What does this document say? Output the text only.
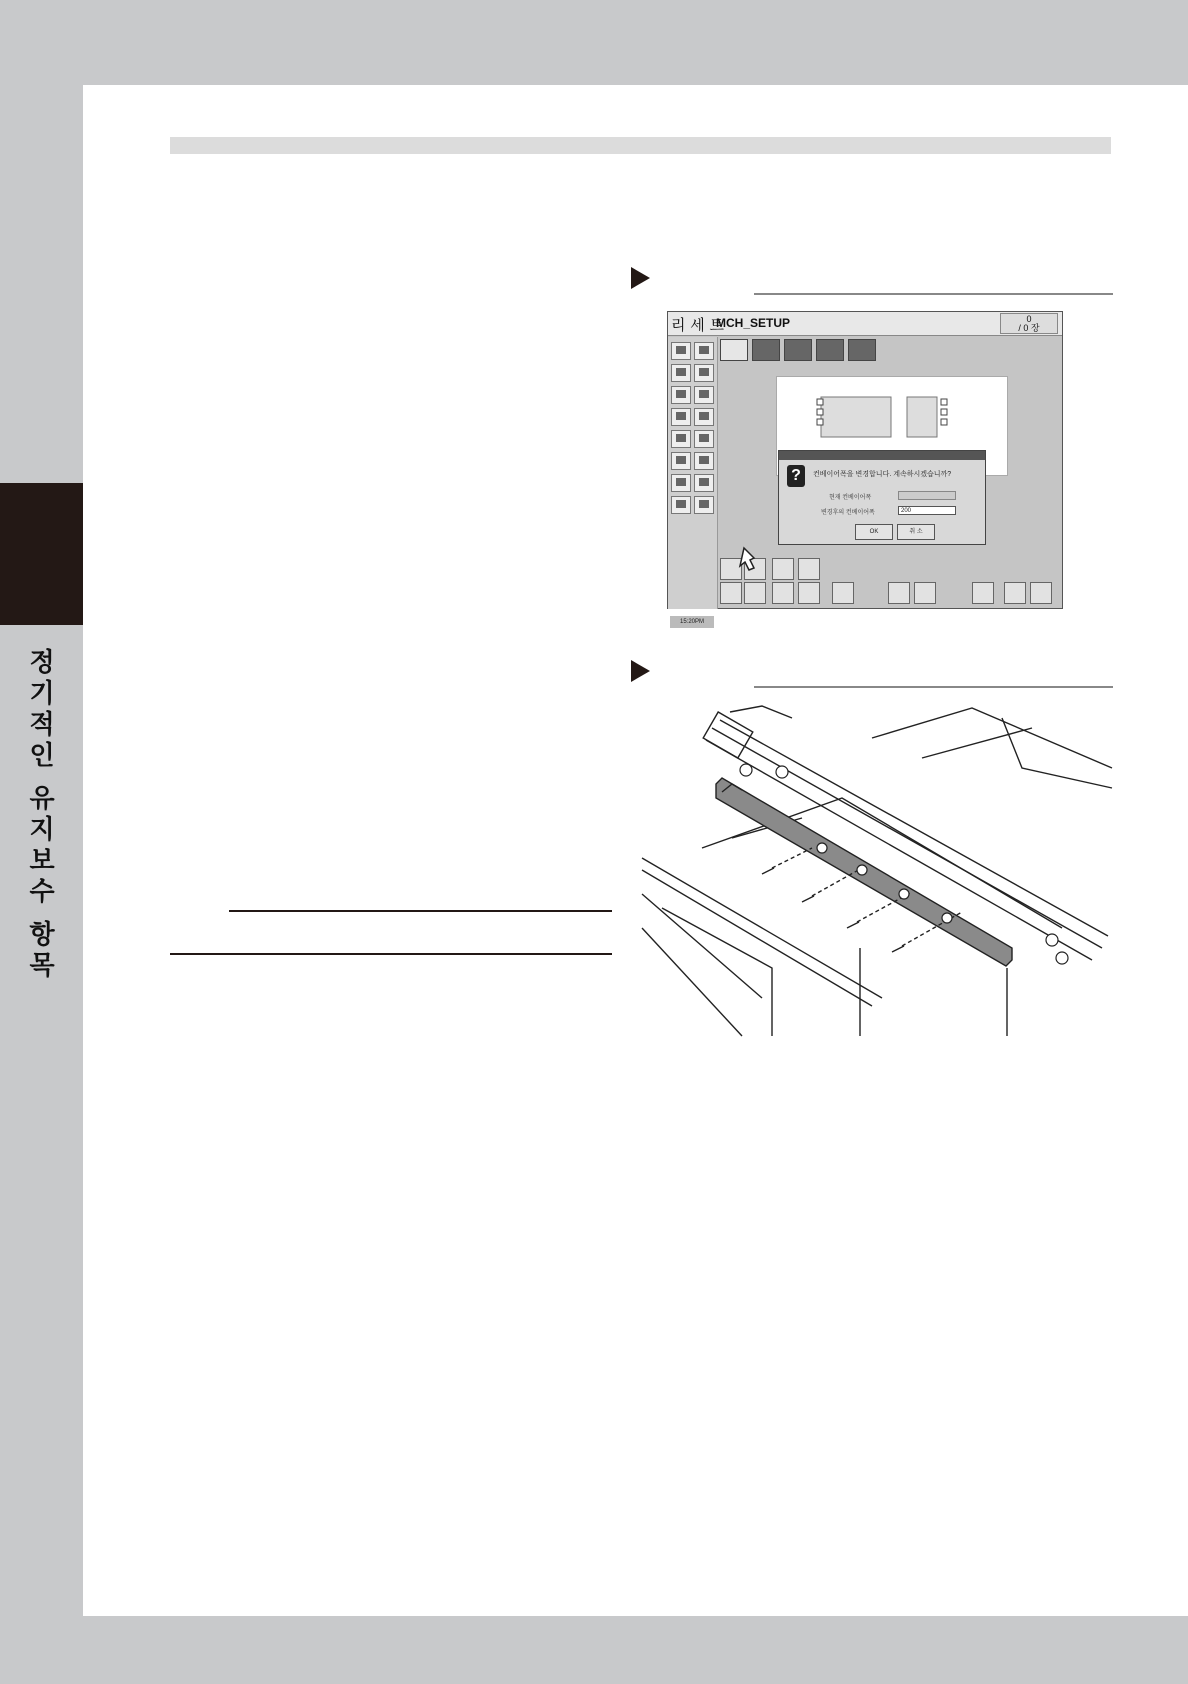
정기적인
유지보수
항목
리 세 트
MCH_SETUP	0
/ 0 장
15:20PM
?	컨베이어폭을 변경합니다. 계속하시겠습니까?
현재 컨베이어폭
변경후의 컨베이어폭	200
OK	취 소
